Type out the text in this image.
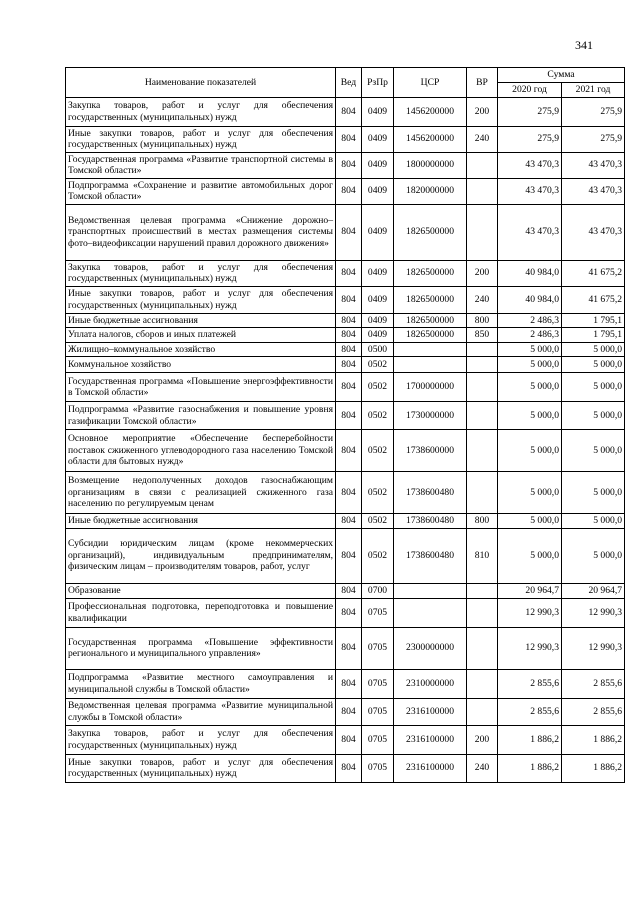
341
Наименование показателей	Вед	РзПр	ЦСР	ВР	Сумма	
					2020 год	2021 год
Закупка товаров, работ и услуг для обеспечения государственных (муниципальных) нужд	804	0409	1456200000	200	275,9	275,9
Иные закупки товаров, работ и услуг для обеспечения государственных (муниципальных) нужд	804	0409	1456200000	240	275,9	275,9
Государственная программа «Развитие транспортной системы в Томской области»	804	0409	1800000000		43 470,3	43 470,3
Подпрограмма «Сохранение и развитие автомобильных дорог Томской области»	804	0409	1820000000		43 470,3	43 470,3
Ведомственная целевая программа «Снижение дорожно–транспортных происшествий в местах размещения системы фото–видеофиксации нарушений правил дорожного движения»	804	0409	1826500000		43 470,3	43 470,3
Закупка товаров, работ и услуг для обеспечения государственных (муниципальных) нужд	804	0409	1826500000	200	40 984,0	41 675,2
Иные закупки товаров, работ и услуг для обеспечения государственных (муниципальных) нужд	804	0409	1826500000	240	40 984,0	41 675,2
Иные бюджетные ассигнования	804	0409	1826500000	800	2 486,3	1 795,1
Уплата налогов, сборов и иных платежей	804	0409	1826500000	850	2 486,3	1 795,1
Жилищно–коммунальное хозяйство	804	0500			5 000,0	5 000,0
Коммунальное хозяйство	804	0502			5 000,0	5 000,0
Государственная программа «Повышение энергоэффективности в Томской области»	804	0502	1700000000		5 000,0	5 000,0
Подпрограмма «Развитие газоснабжения и повышение уровня газификации Томской области»	804	0502	1730000000		5 000,0	5 000,0
Основное мероприятие «Обеспечение бесперебойности поставок сжиженного углеводородного газа населению Томской области для бытовых нужд»	804	0502	1738600000		5 000,0	5 000,0
Возмещение недополученных доходов газоснабжающим организациям в связи с реализацией сжиженного газа населению по регулируемым ценам	804	0502	1738600480		5 000,0	5 000,0
Иные бюджетные ассигнования	804	0502	1738600480	800	5 000,0	5 000,0
Субсидии юридическим лицам (кроме некоммерческих организаций), индивидуальным предпринимателям, физическим лицам – производителям товаров, работ, услуг	804	0502	1738600480	810	5 000,0	5 000,0
Образование	804	0700			20 964,7	20 964,7
Профессиональная подготовка, переподготовка и повышение квалификации	804	0705			12 990,3	12 990,3
Государственная программа «Повышение эффективности регионального и муниципального управления»	804	0705	2300000000		12 990,3	12 990,3
Подпрограмма «Развитие местного самоуправления и муниципальной службы в Томской области»	804	0705	2310000000		2 855,6	2 855,6
Ведомственная целевая программа «Развитие муниципальной службы в Томской области»	804	0705	2316100000		2 855,6	2 855,6
Закупка товаров, работ и услуг для обеспечения государственных (муниципальных) нужд	804	0705	2316100000	200	1 886,2	1 886,2
Иные закупки товаров, работ и услуг для обеспечения государственных (муниципальных) нужд	804	0705	2316100000	240	1 886,2	1 886,2
